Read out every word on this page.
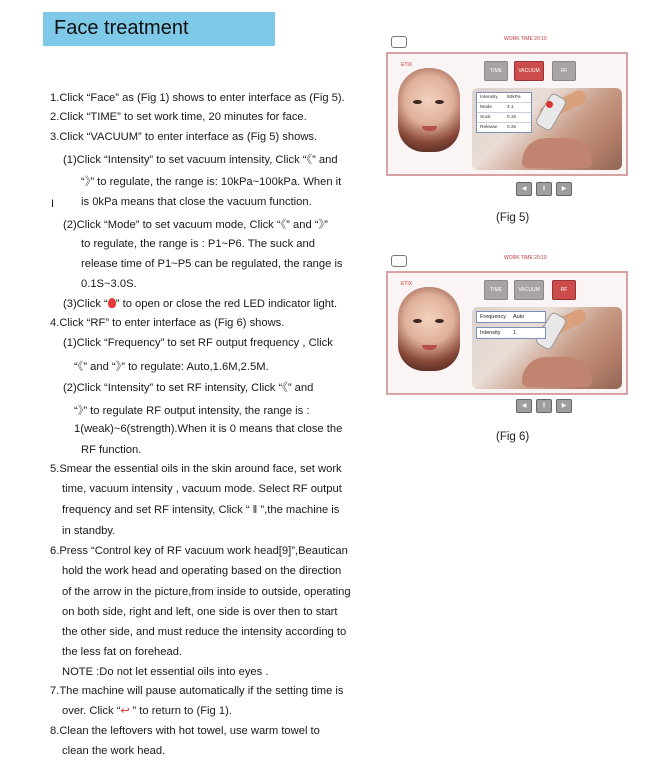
Face treatment
I
1.Click “Face” as (Fig 1) shows to enter interface as (Fig 5).
2.Click “TIME” to set work time, 20 minutes for face.
3.Click “VACUUM” to enter interface as (Fig 5) shows.
(1)Click “Intensity” to set vacuum intensity, Click “《” and
“》” to regulate, the range is: 10kPa~100kPa. When it
is 0kPa means that close the vacuum function.
(2)Click “Mode” to set vacuum mode, Click “《” and “》”
to regulate, the range is : P1~P6. The suck and
release time of P1~P5 can be regulated, the range is
0.1S~3.0S.
(3)Click “ ” to open or close the red LED indicator light.
4.Click “RF” to enter interface as (Fig 6) shows.
(1)Click “Frequency” to set RF output frequency , Click
“《” and “》” to regulate: Auto,1.6M,2.5M.
(2)Click “Intensity” to set RF intensity, Click “《” and
“》” to regulate RF output intensity, the range is :
1(weak)~6(strength).When it is 0 means that close the
RF function.
5.Smear the essential oils in the skin around face, set work
time, vacuum intensity , vacuum mode. Select RF output
frequency and set RF intensity, Click “ ‖ ”,the machine is
in standby.
6.Press “Control key of RF vacuum work head[9]”,Beautican
hold the work head and operating based on the direction
of the arrow in the picture,from inside to outside, operating
on both side, right and left, one side is over then to start
the other side, and must reduce the intensity according to
the less fat on forehead.
NOTE :Do not let essential oils into eyes .
7.The machine will pause automatically if the setting time is
over. Click “↩ ” to return to (Fig 1).
8.Clean the leftovers with hot towel, use warm towel to
clean the work head.
WORK TIME 20:10
ETIX
TIME	VACUUM	RF
Intensity 50kPa
Mode	4.1
Suck	0.3s
Release 0.3s
◀	‖	▶
(Fig 5)
WORK TIME 20:10
ETIX
TIME	VACUUM	RF
Frequency Auto
Intensity 1
◀	‖	▶
(Fig 6)
